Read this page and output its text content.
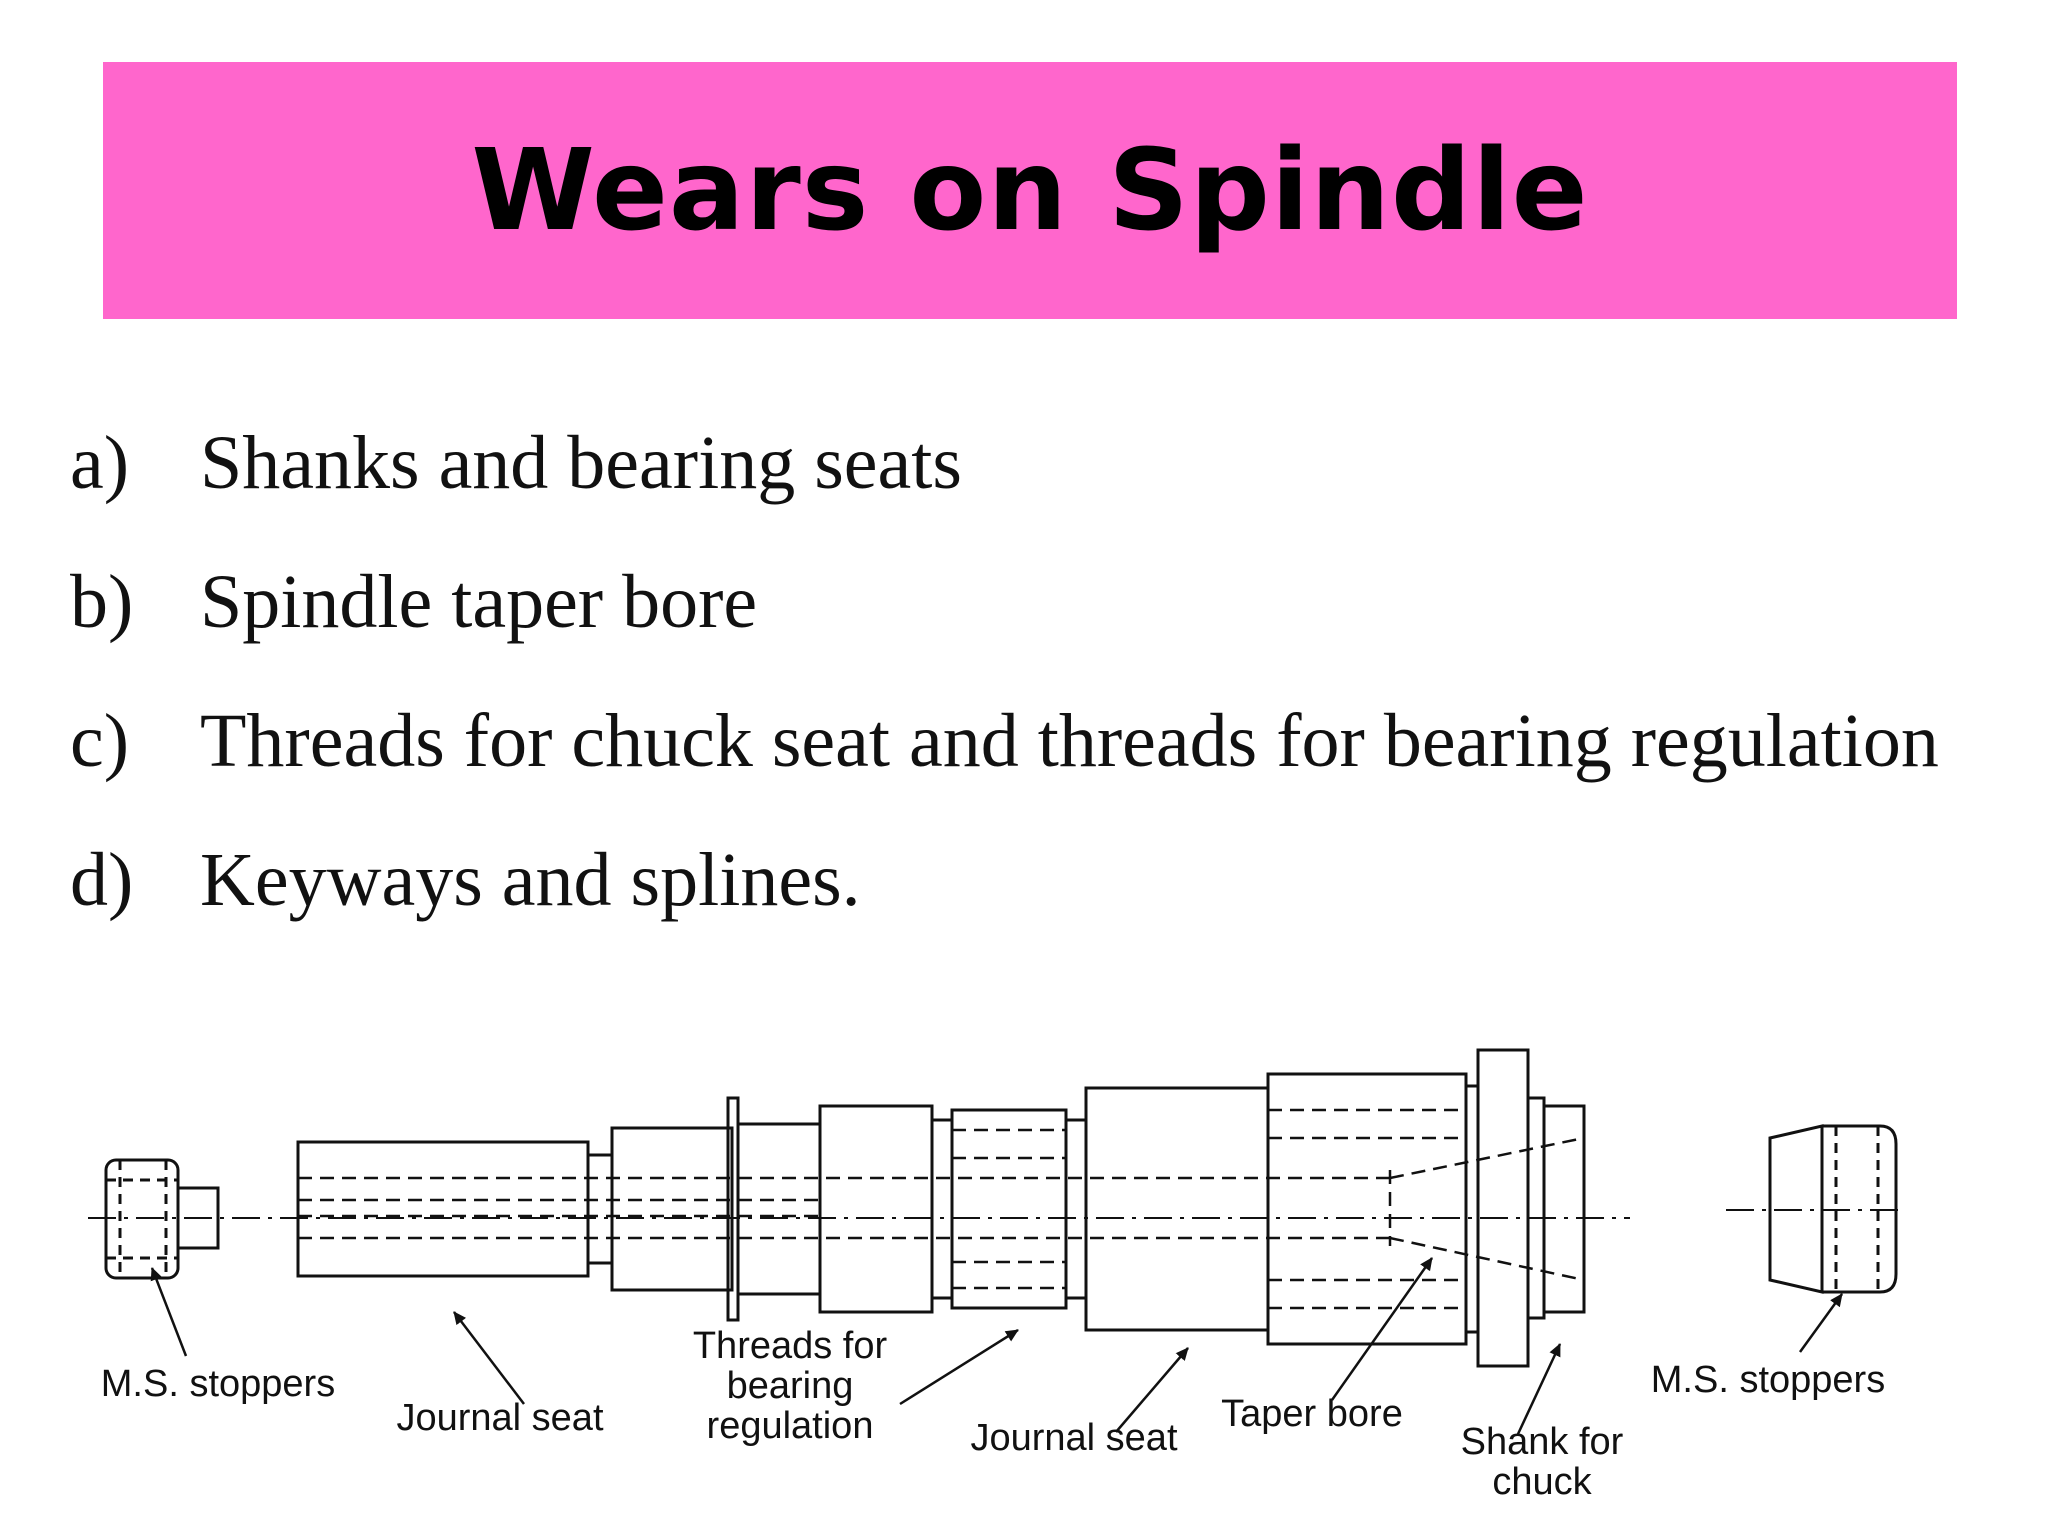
Wears on Spindle
a) Shanks and bearing seats
b) Spindle taper bore
c) Threads for chuck seat and threads for bearing regulation
d) Keyways and splines.
M.S. stoppers
Journal seat
Threads for
bearing
regulation	Journal seat
Taper bore
Shank for
chuck
M.S. stoppers
